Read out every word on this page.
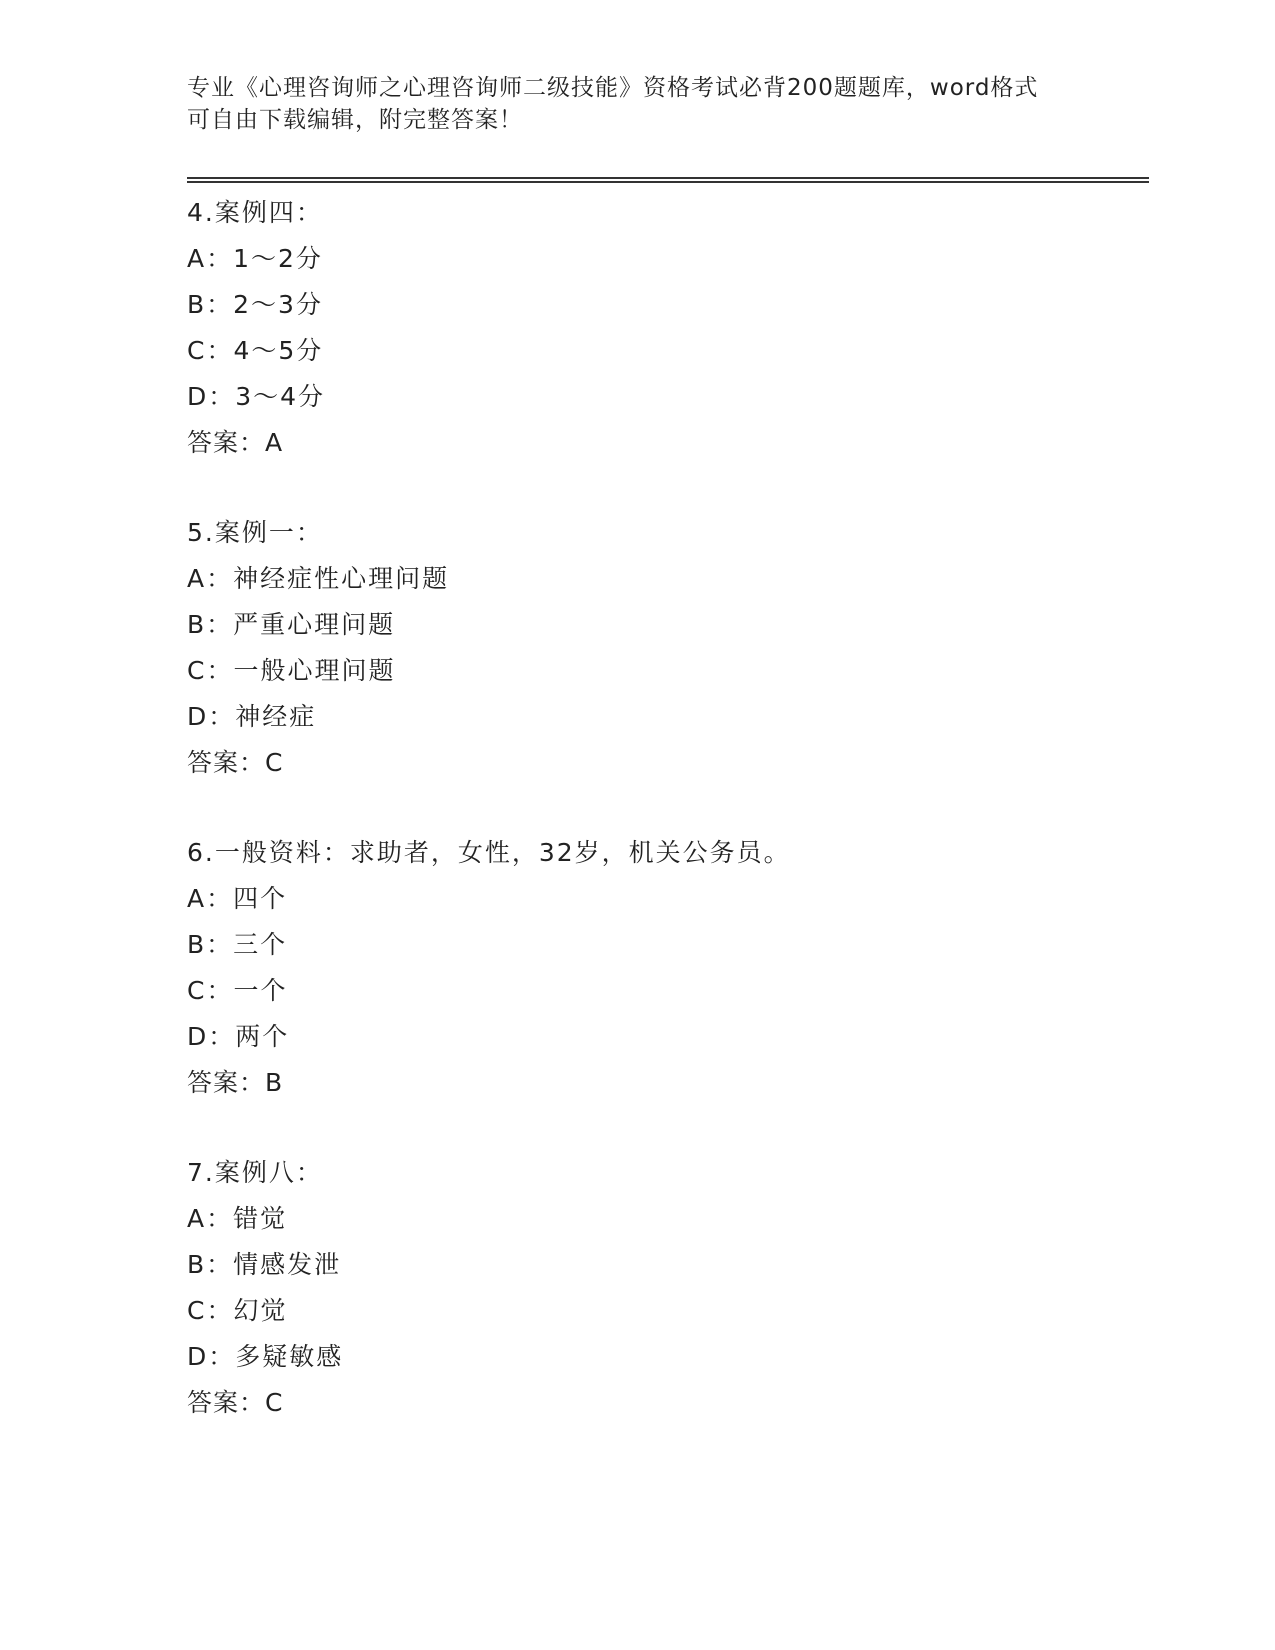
专业《心理咨询师之心理咨询师二级技能》资格考试必背200题题库，word格式
可自由下载编辑，附完整答案！
4.案例四：
A：1～2分
B：2～3分
C：4～5分
D：3～4分
答案：A
5.案例一：
A：神经症性心理问题
B：严重心理问题
C：一般心理问题
D：神经症
答案：C
6.一般资料：求助者，女性，32岁，机关公务员。
A：四个
B：三个
C：一个
D：两个
答案：B
7.案例八：
A：错觉
B：情感发泄
C：幻觉
D：多疑敏感
答案：C
